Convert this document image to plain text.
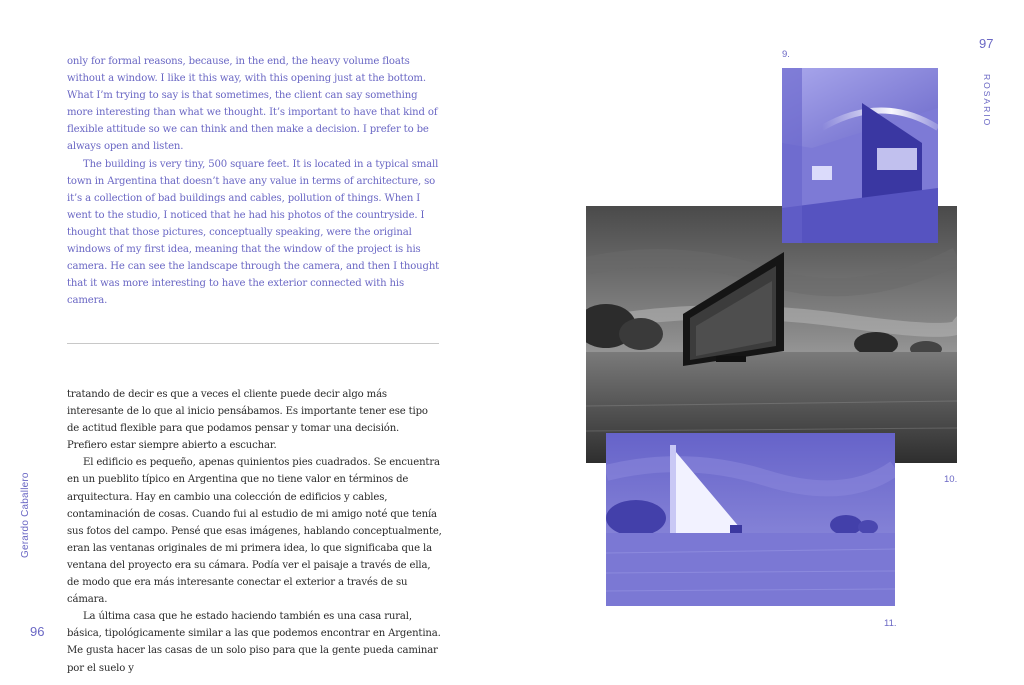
only for formal reasons, because, in the end, the heavy volume floats without a window. I like it this way, with this opening just at the bottom. What I’m trying to say is that sometimes, the client can say something more interesting than what we thought. It’s important to have that kind of flexible attitude so we can think and then make a decision. I prefer to be always open and listen.

The building is very tiny, 500 square feet. It is located in a typical small town in Argentina that doesn’t have any value in terms of architecture, so it’s a collection of bad buildings and cables, pollution of things. When I went to the studio, I noticed that he had his photos of the countryside. I thought that those pictures, conceptually speaking, were the original windows of my first idea, meaning that the window of the project is his camera. He can see the landscape through the camera, and then I thought that it was more interesting to have the exterior connected with his camera.

tratando de decir es que a veces el cliente puede decir algo más interesante de lo que al inicio pensábamos. Es importante tener ese tipo de actitud flexible para que podamos pensar y tomar una decisión. Prefiero estar siempre abierto a escuchar.

El edificio es pequeño, apenas quinientos pies cuadrados. Se encuentra en un pueblito típico en Argentina que no tiene valor en términos de arquitectura. Hay en cambio una colección de edificios y cables, contaminación de cosas. Cuando fui al estudio de mi amigo noté que tenía sus fotos del campo. Pensé que esas imágenes, hablando conceptualmente, eran las ventanas originales de mi primera idea, lo que significaba que la ventana del proyecto era su cámara. Podía ver el paisaje a través de ella, de modo que era más interesante conectar el exterior a través de su cámara.

La última casa que he estado haciendo también es una casa rural, básica, tipológicamente similar a las que podemos encontrar en Argentina. Me gusta hacer las casas de un solo piso para que la gente pueda caminar por el suelo y

Gerardo Caballero
96
97
ROSARIO
9.
10.
11.
